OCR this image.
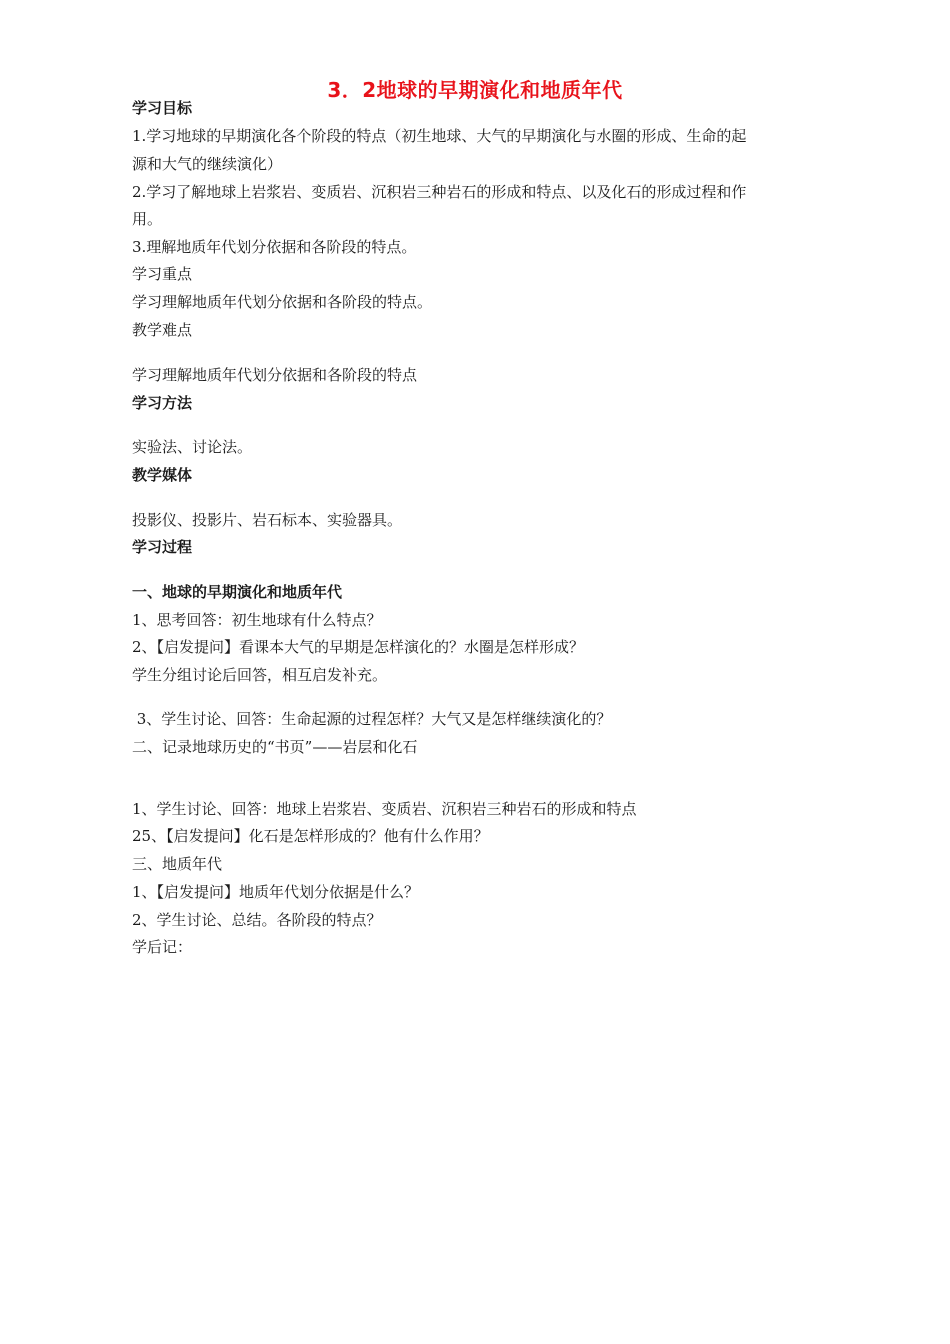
3．2地球的早期演化和地质年代
学习目标
1.学习地球的早期演化各个阶段的特点（初生地球、大气的早期演化与水圈的形成、生命的起
源和大气的继续演化）
2.学习了解地球上岩浆岩、变质岩、沉积岩三种岩石的形成和特点、以及化石的形成过程和作
用。
3.理解地质年代划分依据和各阶段的特点。
学习重点
学习理解地质年代划分依据和各阶段的特点。
教学难点
学习理解地质年代划分依据和各阶段的特点
学习方法
实验法、讨论法。
教学媒体
投影仪、投影片、岩石标本、实验器具。
学习过程
一、地球的早期演化和地质年代
1、思考回答：初生地球有什么特点？
2、【启发提问】看课本大气的早期是怎样演化的？水圈是怎样形成？
学生分组讨论后回答，相互启发补充。
3、学生讨论、回答：生命起源的过程怎样？大气又是怎样继续演化的？
二、记录地球历史的“书页”——岩层和化石
1、学生讨论、回答：地球上岩浆岩、变质岩、沉积岩三种岩石的形成和特点
25、【启发提问】化石是怎样形成的？他有什么作用？
三、地质年代
1、【启发提问】地质年代划分依据是什么？
2、学生讨论、总结。各阶段的特点？
学后记：
